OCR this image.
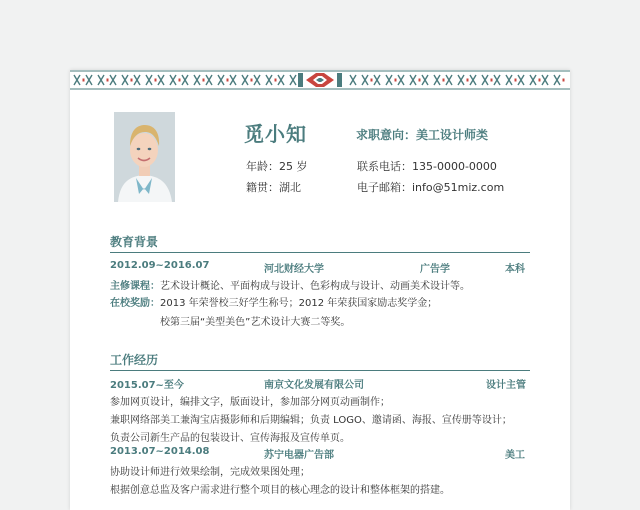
觅小知	求职意向：美工设计师类
年龄：25 岁
籍贯：湖北
联系电话：135-0000-0000
电子邮箱：info@51miz.com
教育背景
2012.09~2016.07	河北财经大学	广告学	本科
主修课程：艺术设计概论、平面构成与设计、色彩构成与设计、动画美术设计等。
在校奖励：2013 年荣誉校三好学生称号；2012 年荣获国家励志奖学金；
校第三届“美型美色”艺术设计大赛二等奖。
工作经历
2015.07~至今	南京文化发展有限公司	设计主管
参加网页设计，编排文字，版面设计，参加部分网页动画制作；
兼职网络部美工兼淘宝店摄影师和后期编辑；负责 LOGO、邀请函、海报、宣传册等设计；
负责公司新生产品的包装设计、宣传海报及宣传单页。
2013.07~2014.08	苏宁电器广告部	美工
协助设计师进行效果绘制，完成效果图处理；
根据创意总监及客户需求进行整个项目的核心理念的设计和整体框架的搭建。
